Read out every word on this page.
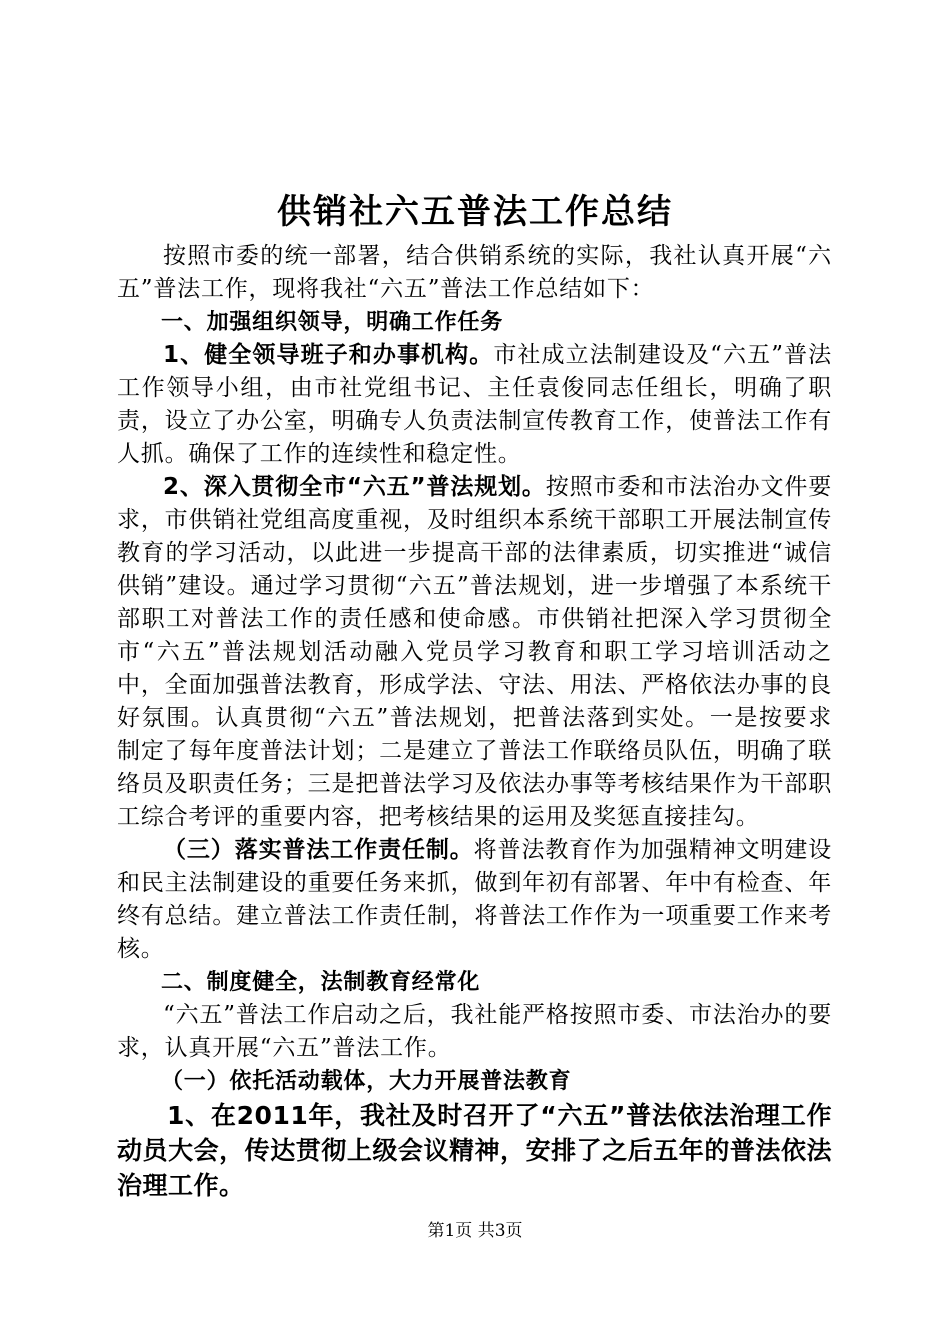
供销社六五普法工作总结

按照市委的统一部署，结合供销系统的实际，我社认真开展“六五”普法工作，现将我社“六五”普法工作总结如下：

一、加强组织领导，明确工作任务

1、健全领导班子和办事机构。市社成立法制建设及“六五”普法工作领导小组，由市社党组书记、主任袁俊同志任组长，明确了职责，设立了办公室，明确专人负责法制宣传教育工作，使普法工作有人抓。确保了工作的连续性和稳定性。

2、深入贯彻全市“六五”普法规划。按照市委和市法治办文件要求，市供销社党组高度重视，及时组织本系统干部职工开展法制宣传教育的学习活动，以此进一步提高干部的法律素质，切实推进“诚信供销”建设。通过学习贯彻“六五”普法规划，进一步增强了本系统干部职工对普法工作的责任感和使命感。市供销社把深入学习贯彻全市“六五”普法规划活动融入党员学习教育和职工学习培训活动之中，全面加强普法教育，形成学法、守法、用法、严格依法办事的良好氛围。认真贯彻“六五”普法规划，把普法落到实处。一是按要求制定了每年度普法计划；二是建立了普法工作联络员队伍，明确了联络员及职责任务；三是把普法学习及依法办事等考核结果作为干部职工综合考评的重要内容，把考核结果的运用及奖惩直接挂勾。

（三）落实普法工作责任制。将普法教育作为加强精神文明建设和民主法制建设的重要任务来抓，做到年初有部署、年中有检查、年终有总结。建立普法工作责任制，将普法工作作为一项重要工作来考核。

二、制度健全，法制教育经常化

“六五”普法工作启动之后，我社能严格按照市委、市法治办的要求，认真开展“六五”普法工作。

（一）依托活动载体，大力开展普法教育

1、在2011年，我社及时召开了“六五”普法依法治理工作动员大会，传达贯彻上级会议精神，安排了之后五年的普法依法治理工作。

第1页 共3页
